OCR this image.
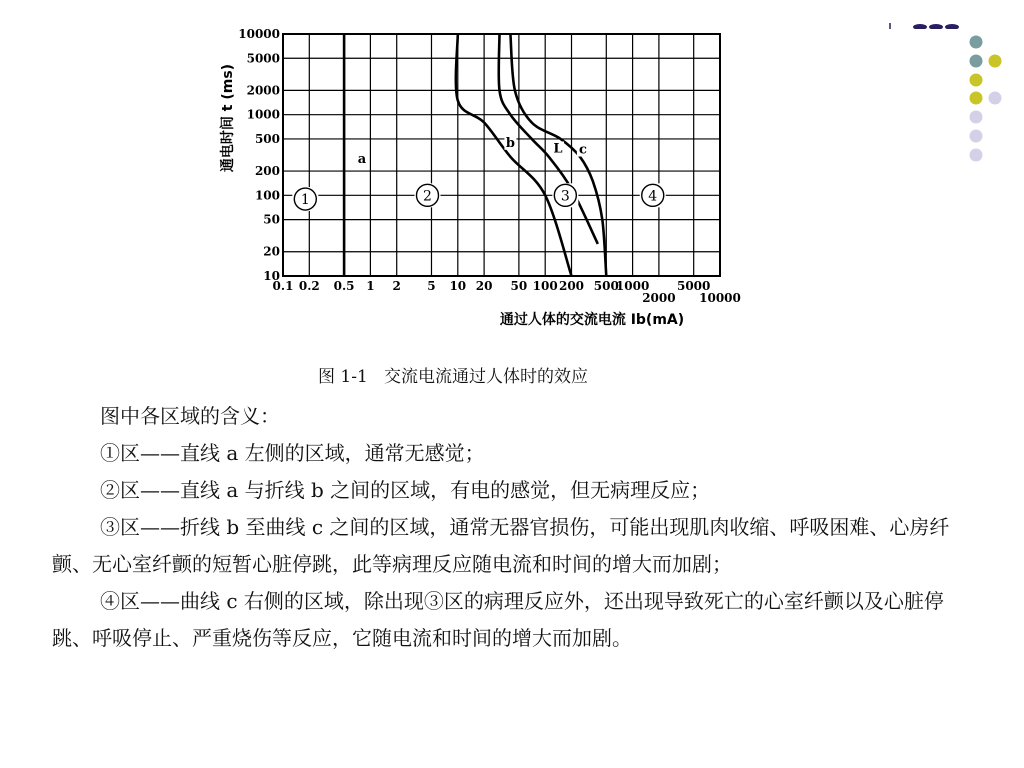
0.1 0.2 0.5 1 2 5 10 20 50 100 200 500
1000
2000
5000
10000
10
20
50
100
200
500
1000
2000
5000
10000
1	2	3	4
a
b	L c
通电时间 t (ms)
通过人体的交流电流 Ib(mA)
图 1-1   交流电流通过人体时的效应

图中各区域的含义：

①区——直线 a 左侧的区域，通常无感觉；

②区——直线 a 与折线 b 之间的区域，有电的感觉，但无病理反应；

③区——折线 b 至曲线 c 之间的区域，通常无器官损伤，可能出现肌肉收缩、呼吸困难、心房纤颤、无心室纤颤的短暂心脏停跳，此等病理反应随电流和时间的增大而加剧；

④区——曲线 c 右侧的区域，除出现③区的病理反应外，还出现导致死亡的心室纤颤以及心脏停跳、呼吸停止、严重烧伤等反应，它随电流和时间的增大而加剧。
